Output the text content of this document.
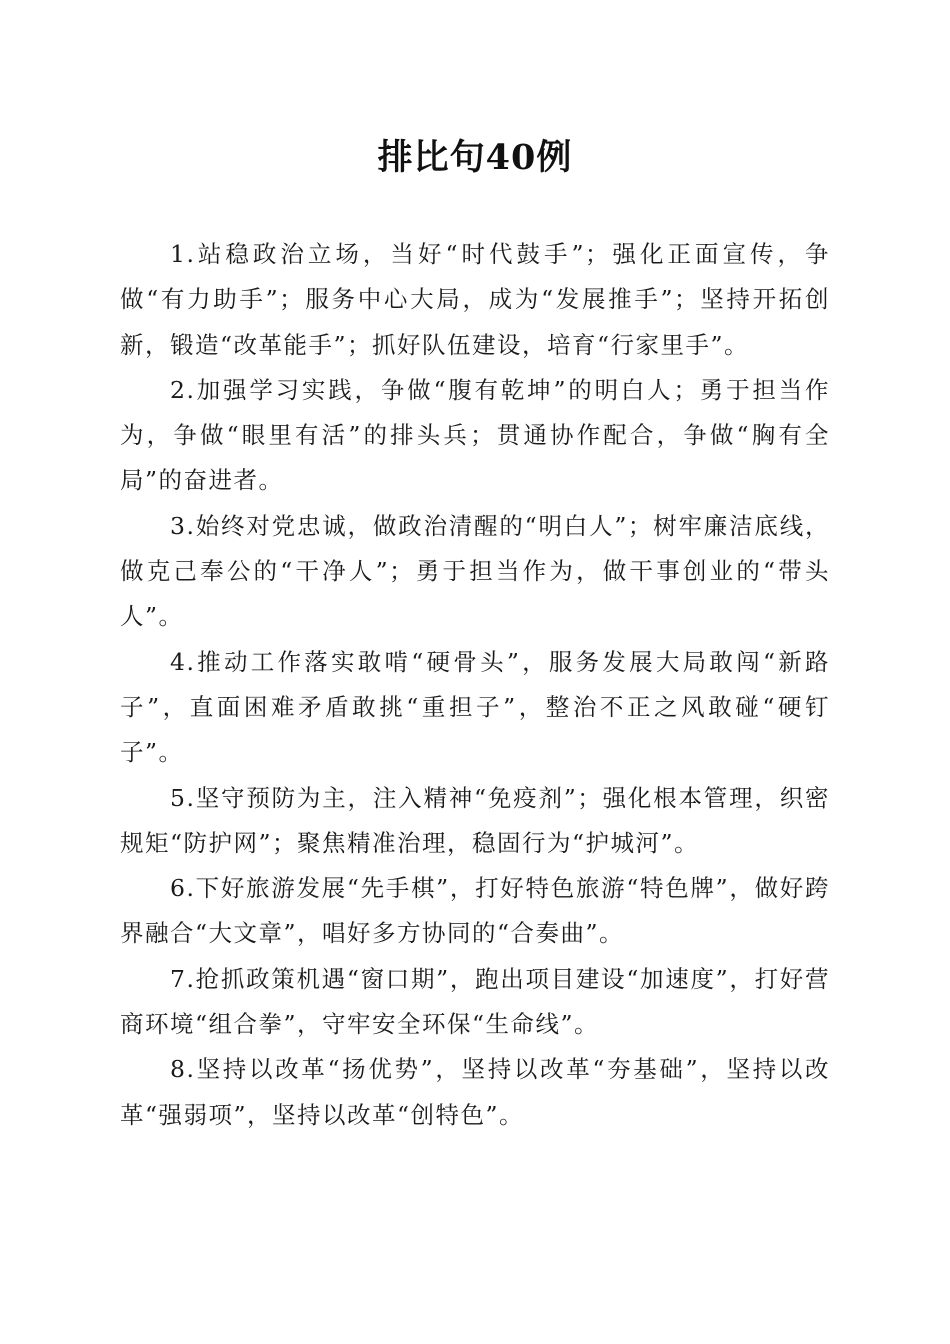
排比句40例

1.站稳政治立场，当好“时代鼓手”；强化正面宣传，争做“有力助手”；服务中心大局，成为“发展推手”；坚持开拓创新，锻造“改革能手”；抓好队伍建设，培育“行家里手”。

2.加强学习实践，争做“腹有乾坤”的明白人；勇于担当作为，争做“眼里有活”的排头兵；贯通协作配合，争做“胸有全局”的奋进者。

3.始终对党忠诚，做政治清醒的“明白人”；树牢廉洁底线，做克己奉公的“干净人”；勇于担当作为，做干事创业的“带头人”。

4.推动工作落实敢啃“硬骨头”，服务发展大局敢闯“新路子”，直面困难矛盾敢挑“重担子”，整治不正之风敢碰“硬钉子”。

5.坚守预防为主，注入精神“免疫剂”；强化根本管理，织密规矩“防护网”；聚焦精准治理，稳固行为“护城河”。

6.下好旅游发展“先手棋”，打好特色旅游“特色牌”，做好跨界融合“大文章”，唱好多方协同的“合奏曲”。

7.抢抓政策机遇“窗口期”，跑出项目建设“加速度”，打好营商环境“组合拳”，守牢安全环保“生命线”。

8.坚持以改革“扬优势”，坚持以改革“夯基础”，坚持以改革“强弱项”，坚持以改革“创特色”。
